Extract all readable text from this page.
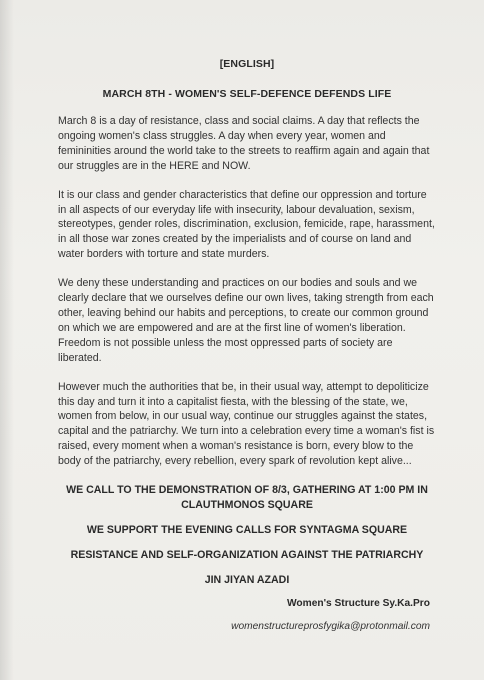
[ENGLISH]
MARCH 8TH - WOMEN'S SELF-DEFENCE DEFENDS LIFE

March 8 is a day of resistance, class and social claims. A day that reflects the ongoing women's class struggles. A day when every year, women and femininities around the world take to the streets to reaffirm again and again that our struggles are in the HERE and NOW.

It is our class and gender characteristics that define our oppression and torture in all aspects of our everyday life with insecurity, labour devaluation, sexism, stereotypes, gender roles, discrimination, exclusion, femicide, rape, harassment, in all those war zones created by the imperialists and of course on land and water borders with torture and state murders.

We deny these understanding and practices on our bodies and souls and we clearly declare that we ourselves define our own lives, taking strength from each other, leaving behind our habits and perceptions, to create our common ground on which we are empowered and are at the first line of women's liberation. Freedom is not possible unless the most oppressed parts of society are liberated.

However much the authorities that be, in their usual way, attempt to depoliticize this day and turn it into a capitalist fiesta, with the blessing of the state, we, women from below, in our usual way, continue our struggles against the states, capital and the patriarchy. We turn into a celebration every time a woman's fist is raised, every moment when a woman's resistance is born, every blow to the body of the patriarchy, every rebellion, every spark of revolution kept alive...

WE CALL TO THE DEMONSTRATION OF 8/3, GATHERING AT 1:00 PM IN CLAUTHMONOS SQUARE
WE SUPPORT THE EVENING CALLS FOR SYNTAGMA SQUARE
RESISTANCE AND SELF-ORGANIZATION AGAINST THE PATRIARCHY
JIN JIYAN AZADI
Women's Structure Sy.Ka.Pro
womenstructureprosfygika@protonmail.com
